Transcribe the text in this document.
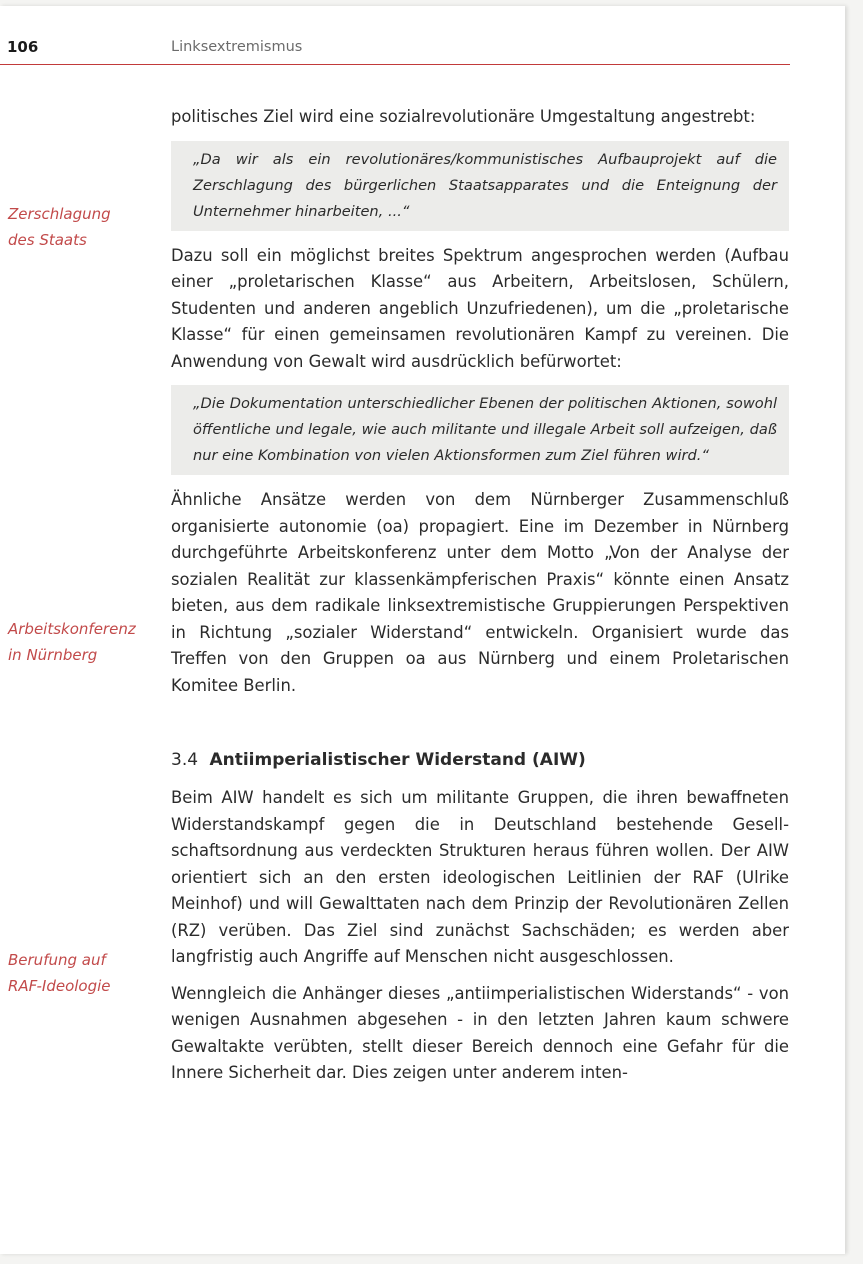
106	Linksextremismus
Zerschlagung
des Staats
Arbeitskonferenz
in Nürnberg
Berufung auf
RAF-Ideologie

politisches Ziel wird eine sozialrevolutionäre Umgestaltung angestrebt:

„Da wir als ein revolutionäres/kommunistisches Aufbauprojekt auf die Zerschlagung des bürgerlichen Staatsapparates und die Enteignung der Unternehmer hinarbeiten, ...“

Dazu soll ein möglichst breites Spektrum angesprochen werden (Aufbau einer „proletarischen Klasse“ aus Arbeitern, Arbeitslosen, Schülern, Studenten und anderen angeblich Unzufriedenen), um die „proletarische Klasse“ für einen gemeinsamen revolutionären Kampf zu vereinen. Die Anwendung von Gewalt wird ausdrücklich befürwortet:

„Die Dokumentation unterschiedlicher Ebenen der politischen Aktionen, sowohl öffentliche und legale, wie auch militante und illegale Arbeit soll aufzeigen, daß nur eine Kombination von vielen Aktionsformen zum Ziel führen wird.“

Ähnliche Ansätze werden von dem Nürnberger Zusammenschluß organisierte autonomie (oa) propagiert. Eine im Dezember in Nürnberg durchgeführte Arbeitskonferenz unter dem Motto „Von der Analyse der sozialen Realität zur klassenkämpferischen Praxis“ könnte einen Ansatz bieten, aus dem radikale linksextremistische Gruppierungen Perspektiven in Richtung „sozialer Widerstand“ entwickeln. Organisiert wurde das Treffen von den Gruppen oa aus Nürnberg und einem Proletarischen Komitee Berlin.

3.4 Antiimperialistischer Widerstand (AIW)

Beim AIW handelt es sich um militante Gruppen, die ihren bewaffneten Widerstandskampf gegen die in Deutschland bestehende Gesellschaftsordnung aus verdeckten Strukturen heraus führen wollen. Der AIW orientiert sich an den ersten ideologischen Leitlinien der RAF (Ulrike Meinhof) und will Gewalttaten nach dem Prinzip der Revolutionären Zellen (RZ) verüben. Das Ziel sind zunächst Sachschäden; es werden aber langfristig auch Angriffe auf Menschen nicht ausgeschlossen.

Wenngleich die Anhänger dieses „antiimperialistischen Widerstands“ - von wenigen Ausnahmen abgesehen - in den letzten Jahren kaum schwere Gewaltakte verübten, stellt dieser Bereich dennoch eine Gefahr für die Innere Sicherheit dar. Dies zeigen unter anderem inten-
